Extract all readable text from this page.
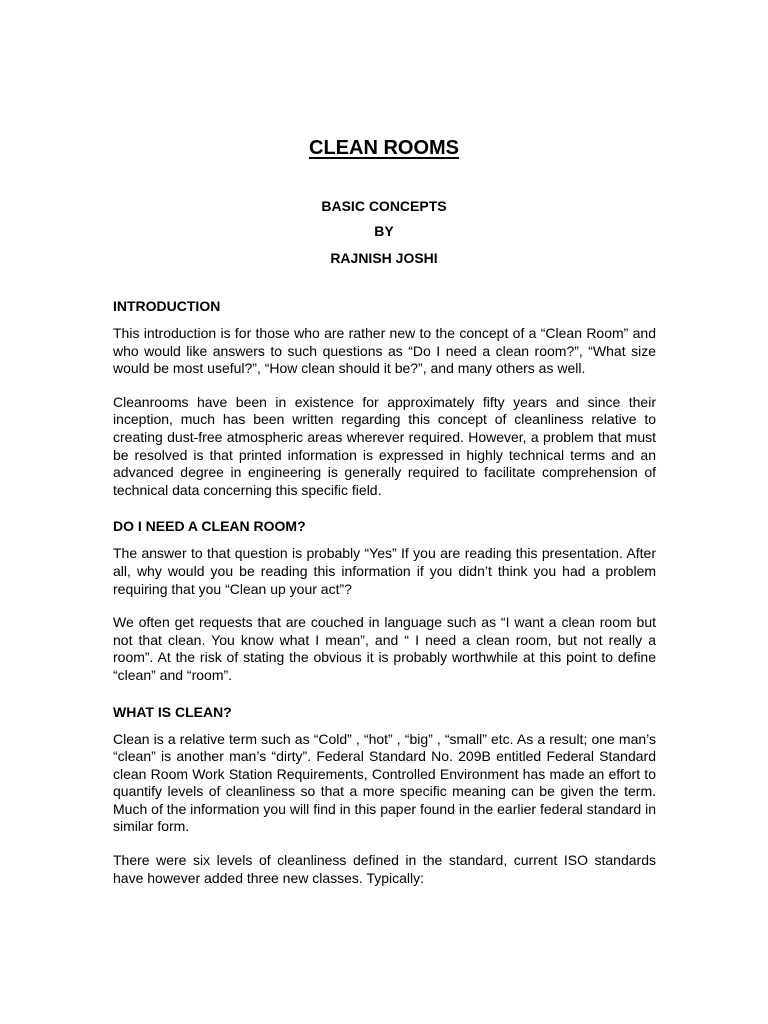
CLEAN ROOMS

BASIC CONCEPTS

BY

RAJNISH JOSHI

INTRODUCTION

This introduction is for those who are rather new to the concept of a “Clean Room” and who would like answers to such questions as “Do I need a clean room?”, “What size would be most useful?”, “How clean should it be?”, and many others as well.

Cleanrooms have been in existence for approximately fifty years and since their inception, much has been written regarding this concept of cleanliness relative to creating dust-free atmospheric areas wherever required. However, a problem that must be resolved is that printed information is expressed in highly technical terms and an advanced degree in engineering is generally required to facilitate comprehension of technical data concerning this specific field.

DO I NEED A CLEAN ROOM?

The answer to that question is probably “Yes” If you are reading this presentation. After all, why would you be reading this information if you didn’t think you had a problem requiring that you “Clean up your act”?

We often get requests that are couched in language such as “I want a clean room but not that clean. You know what I mean”, and “ I need a clean room, but not really a room”. At the risk of stating the obvious it is probably worthwhile at this point to define “clean” and “room”.

WHAT IS CLEAN?

Clean is a relative term such as “Cold” , “hot” , “big” , “small” etc. As a result; one man’s “clean” is another man’s “dirty”. Federal Standard No. 209B entitled Federal Standard clean Room Work Station Requirements, Controlled Environment has made an effort to quantify levels of cleanliness so that a more specific meaning can be given the term. Much of the information you will find in this paper found in the earlier federal standard in similar form.

There were six levels of cleanliness defined in the standard, current ISO standards have however added three new classes. Typically:
